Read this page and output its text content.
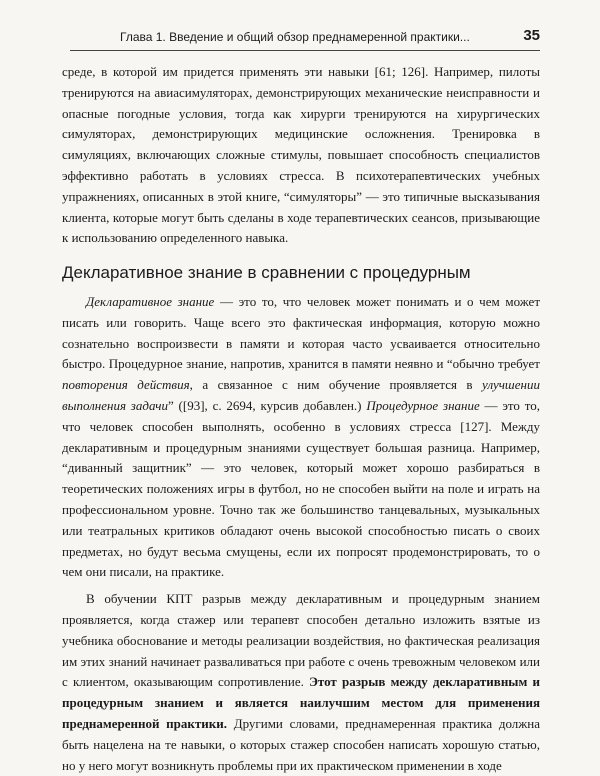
Глава 1. Введение и общий обзор преднамеренной практики...	35

среде, в которой им придется применять эти навыки [61; 126]. Например, пилоты тренируются на авиасимуляторах, демонстрирующих механические неисправности и опасные погодные условия, тогда как хирурги тренируются на хирургических симуляторах, демонстрирующих медицинские осложнения. Тренировка в симуляциях, включающих сложные стимулы, повышает способность специалистов эффективно работать в условиях стресса. В психотерапевтических учебных упражнениях, описанных в этой книге, “симуляторы” — это типичные высказывания клиента, которые могут быть сделаны в ходе терапевтических сеансов, призывающие к использованию определенного навыка.

Декларативное знание в сравнении с процедурным

Декларативное знание — это то, что человек может понимать и о чем может писать или говорить. Чаще всего это фактическая информация, которую можно сознательно воспроизвести в памяти и которая часто усваивается относительно быстро. Процедурное знание, напротив, хранится в памяти неявно и “обычно требует повторения действия, а связанное с ним обучение проявляется в улучшении выполнения задачи” ([93], с. 2694, курсив добавлен.) Процедурное знание — это то, что человек способен выполнять, особенно в условиях стресса [127]. Между декларативным и процедурным знаниями существует большая разница. Например, “диванный защитник” — это человек, который может хорошо разбираться в теоретических положениях игры в футбол, но не способен выйти на поле и играть на профессиональном уровне. Точно так же большинство танцевальных, музыкальных или театральных критиков обладают очень высокой способностью писать о своих предметах, но будут весьма смущены, если их попросят продемонстрировать, то о чем они писали, на практике.

В обучении КПТ разрыв между декларативным и процедурным знанием проявляется, когда стажер или терапевт способен детально изложить взятые из учебника обоснование и методы реализации воздействия, но фактическая реализация им этих знаний начинает разваливаться при работе с очень тревожным человеком или с клиентом, оказывающим сопротивление. Этот разрыв между декларативным и процедурным знанием и является наилучшим местом для применения преднамеренной практики. Другими словами, преднамеренная практика должна быть нацелена на те навыки, о которых стажер способен написать хорошую статью, но у него могут возникнуть проблемы при их практическом применении в ходе
